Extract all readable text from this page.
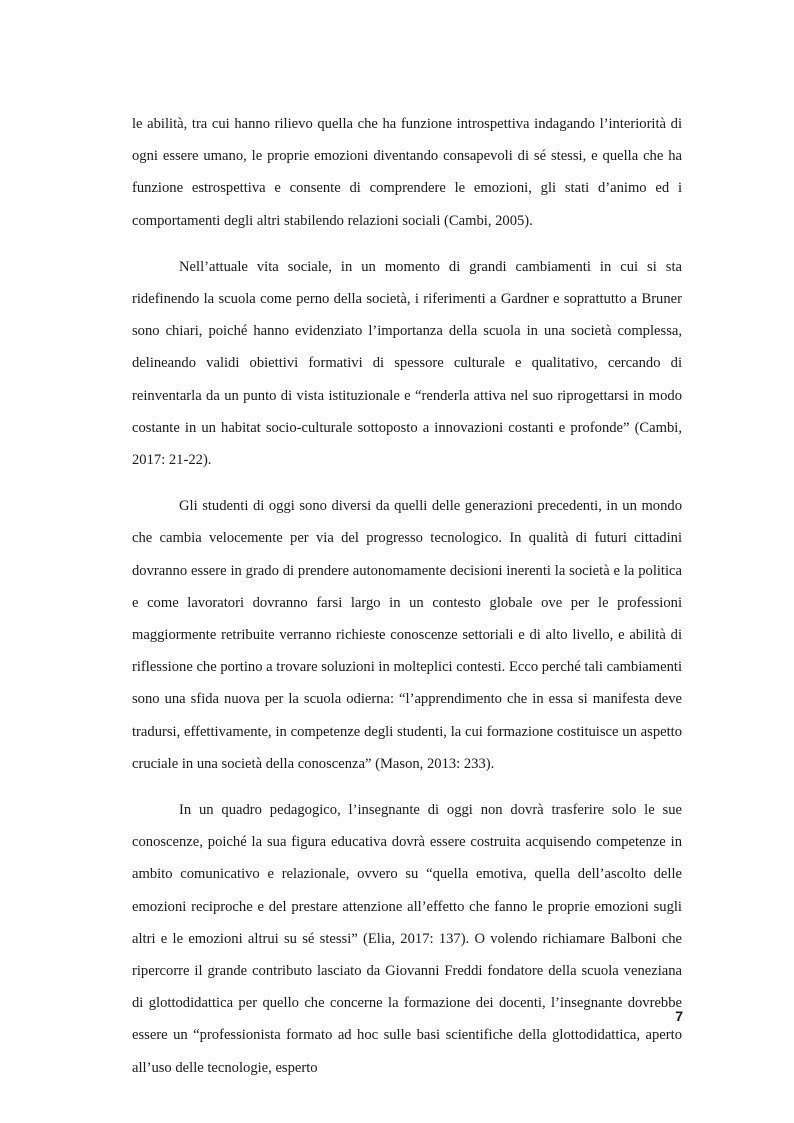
le abilità, tra cui hanno rilievo quella che ha funzione introspettiva indagando l’interiorità di ogni essere umano, le proprie emozioni diventando consapevoli di sé stessi, e quella che ha funzione estrospettiva e consente di comprendere le emozioni, gli stati d’animo ed i comportamenti degli altri stabilendo relazioni sociali (Cambi, 2005).

Nell’attuale vita sociale, in un momento di grandi cambiamenti in cui si sta ridefinendo la scuola come perno della società, i riferimenti a Gardner e soprattutto a Bruner sono chiari, poiché hanno evidenziato l’importanza della scuola in una società complessa, delineando validi obiettivi formativi di spessore culturale e qualitativo, cercando di reinventarla da un punto di vista istituzionale e “renderla attiva nel suo riprogettarsi in modo costante in un habitat socio-culturale sottoposto a innovazioni costanti e profonde” (Cambi, 2017: 21-22).

Gli studenti di oggi sono diversi da quelli delle generazioni precedenti, in un mondo che cambia velocemente per via del progresso tecnologico. In qualità di futuri cittadini dovranno essere in grado di prendere autonomamente decisioni inerenti la società e la politica e come lavoratori dovranno farsi largo in un contesto globale ove per le professioni maggiormente retribuite verranno richieste conoscenze settoriali e di alto livello, e abilità di riflessione che portino a trovare soluzioni in molteplici contesti. Ecco perché tali cambiamenti sono una sfida nuova per la scuola odierna: “l’apprendimento che in essa si manifesta deve tradursi, effettivamente, in competenze degli studenti, la cui formazione costituisce un aspetto cruciale in una società della conoscenza” (Mason, 2013: 233).

In un quadro pedagogico, l’insegnante di oggi non dovrà trasferire solo le sue conoscenze, poiché la sua figura educativa dovrà essere costruita acquisendo competenze in ambito comunicativo e relazionale, ovvero su “quella emotiva, quella dell’ascolto delle emozioni reciproche e del prestare attenzione all’effetto che fanno le proprie emozioni sugli altri e le emozioni altrui su sé stessi” (Elia, 2017: 137). O volendo richiamare Balboni che ripercorre il grande contributo lasciato da Giovanni Freddi fondatore della scuola veneziana di glottodidattica per quello che concerne la formazione dei docenti, l’insegnante dovrebbe essere un “professionista formato ad hoc sulle basi scientifiche della glottodidattica, aperto all’uso delle tecnologie, esperto

7
